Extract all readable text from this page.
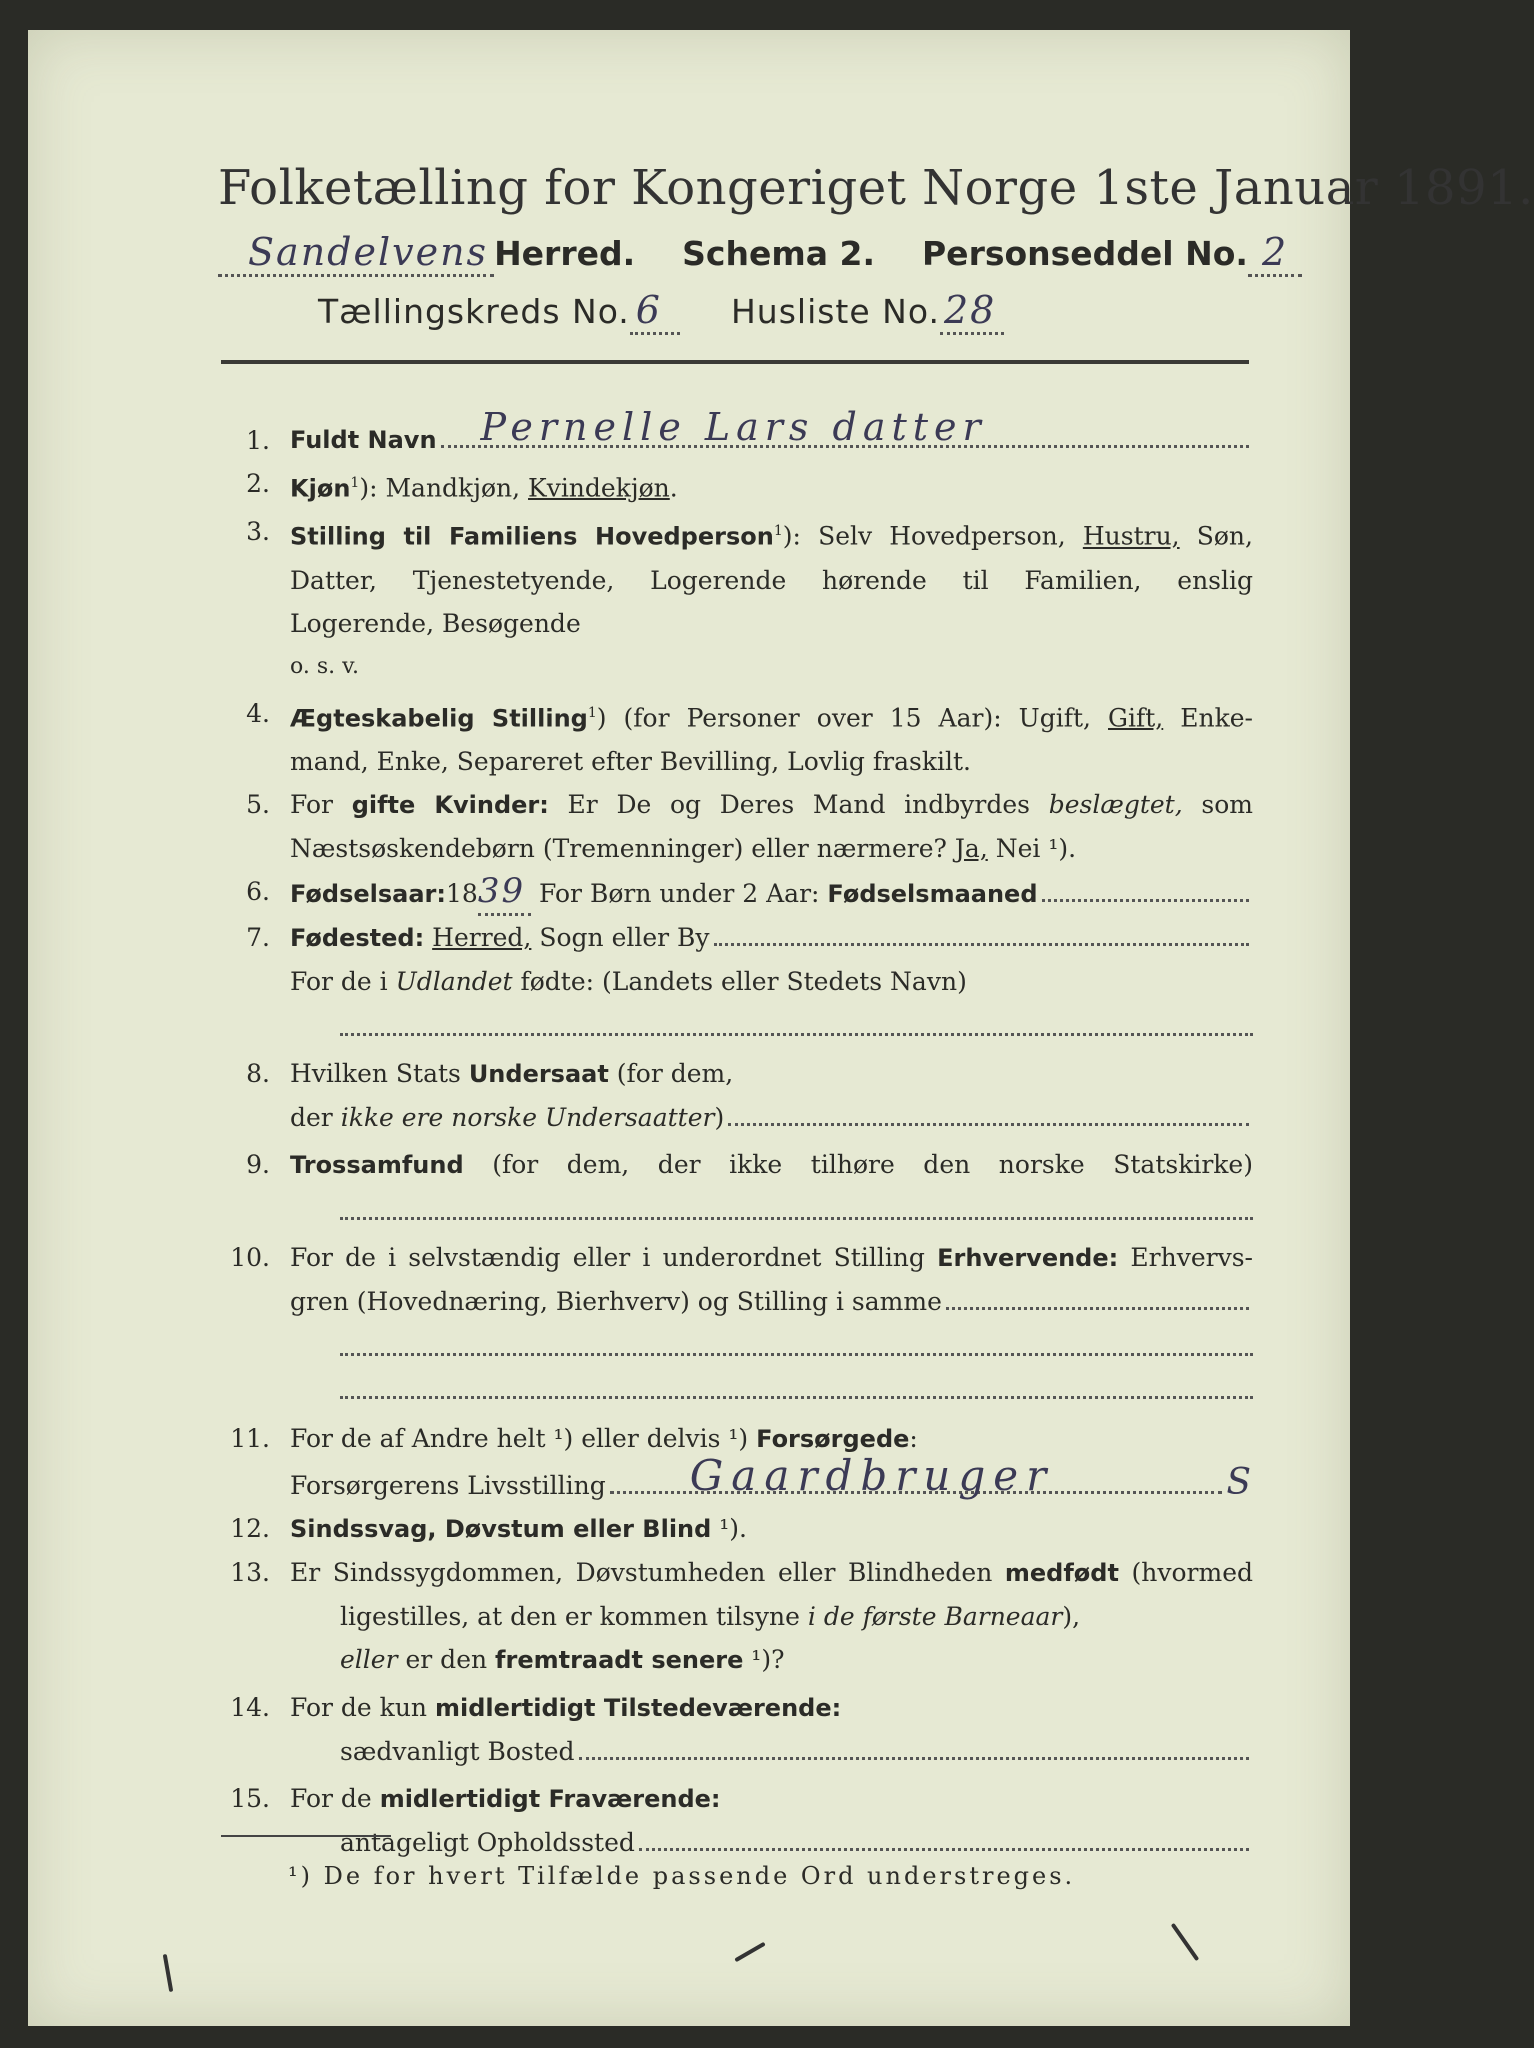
Folketælling for Kongeriget Norge 1ste Januar 1891.
Sandelvens Herred. Schema 2. Personseddel No. 2
Tællingskreds No. 6 Husliste No. 28
1. Fuldt Navn Pernelle Lars datter
2. Kjøn$^1$): Mandkjøn, Kvindekjøn.
3. Stilling til Familiens Hovedperson$^1$): Selv Hovedperson, Hustru, Søn,
Datter, Tjenestetyende, Logerende hørende til Familien, enslig
Logerende, Besøgende
o. s. v.
4. Ægteskabelig Stilling$^1$) (for Personer over 15 Aar): Ugift, Gift, Enke-
mand, Enke, Separeret efter Bevilling, Lovlig fraskilt.
5. For gifte Kvinder: Er De og Deres Mand indbyrdes beslægtet, som
Næstsøskendebørn (Tremenninger) eller nærmere? Ja, Nei ¹).
6. Fødselsaar: 18 39 For Børn under 2 Aar: Fødselsmaaned
7. Fødested:
Herred, Sogn eller By
For de i Udlandet fødte: (Landets eller Stedets Navn)
8. Hvilken Stats Undersaat (for dem,
der ikke ere norske Undersaatter )
9. Trossamfund (for dem, der ikke tilhøre den norske Statskirke)
10. For de i selvstændig eller i underordnet Stilling Erhvervende: Erhvervs-
gren (Hovednæring, Bierhverv) og Stilling i samme
11. For de af Andre helt ¹) eller delvis ¹) Forsørgede:
Forsørgerens Livsstilling Gaardbruger	S
12. Sindssvag, Døvstum eller Blind ¹).
13. Er Sindssygdommen, Døvstumheden eller Blindheden medfødt (hvormed
ligestilles, at den er kommen tilsyne i de første Barneaar),
eller er den fremtraadt senere ¹)?
14. For de kun midlertidigt Tilstedeværende:
sædvanligt Bosted
15. For de midlertidigt Fraværende:
antageligt Opholdssted
¹) De for hvert Tilfælde passende Ord understreges.
